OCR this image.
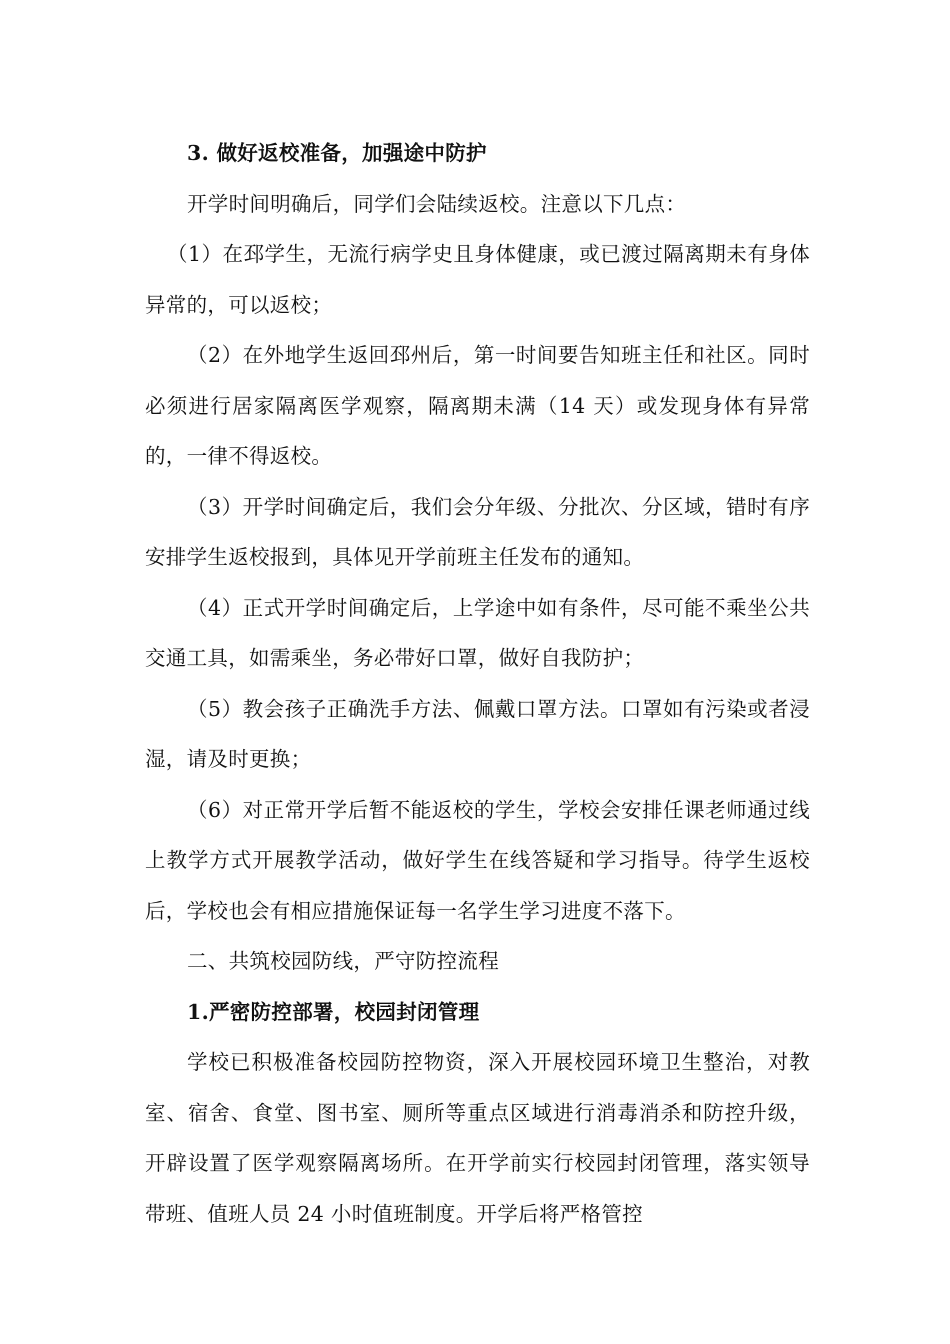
3. 做好返校准备，加强途中防护

开学时间明确后，同学们会陆续返校。注意以下几点：

（1）在邳学生，无流行病学史且身体健康，或已渡过隔离期未有身体异常的，可以返校；

（2）在外地学生返回邳州后，第一时间要告知班主任和社区。同时必须进行居家隔离医学观察，隔离期未满（14 天）或发现身体有异常的，一律不得返校。

（3）开学时间确定后，我们会分年级、分批次、分区域，错时有序安排学生返校报到，具体见开学前班主任发布的通知。

（4）正式开学时间确定后，上学途中如有条件，尽可能不乘坐公共交通工具，如需乘坐，务必带好口罩，做好自我防护；

（5）教会孩子正确洗手方法、佩戴口罩方法。口罩如有污染或者浸湿，请及时更换；

（6）对正常开学后暂不能返校的学生，学校会安排任课老师通过线上教学方式开展教学活动，做好学生在线答疑和学习指导。待学生返校后，学校也会有相应措施保证每一名学生学习进度不落下。

二、共筑校园防线，严守防控流程

1.严密防控部署，校园封闭管理

学校已积极准备校园防控物资，深入开展校园环境卫生整治，对教室、宿舍、食堂、图书室、厕所等重点区域进行消毒消杀和防控升级，开辟设置了医学观察隔离场所。在开学前实行校园封闭管理，落实领导带班、值班人员 24 小时值班制度。开学后将严格管控
